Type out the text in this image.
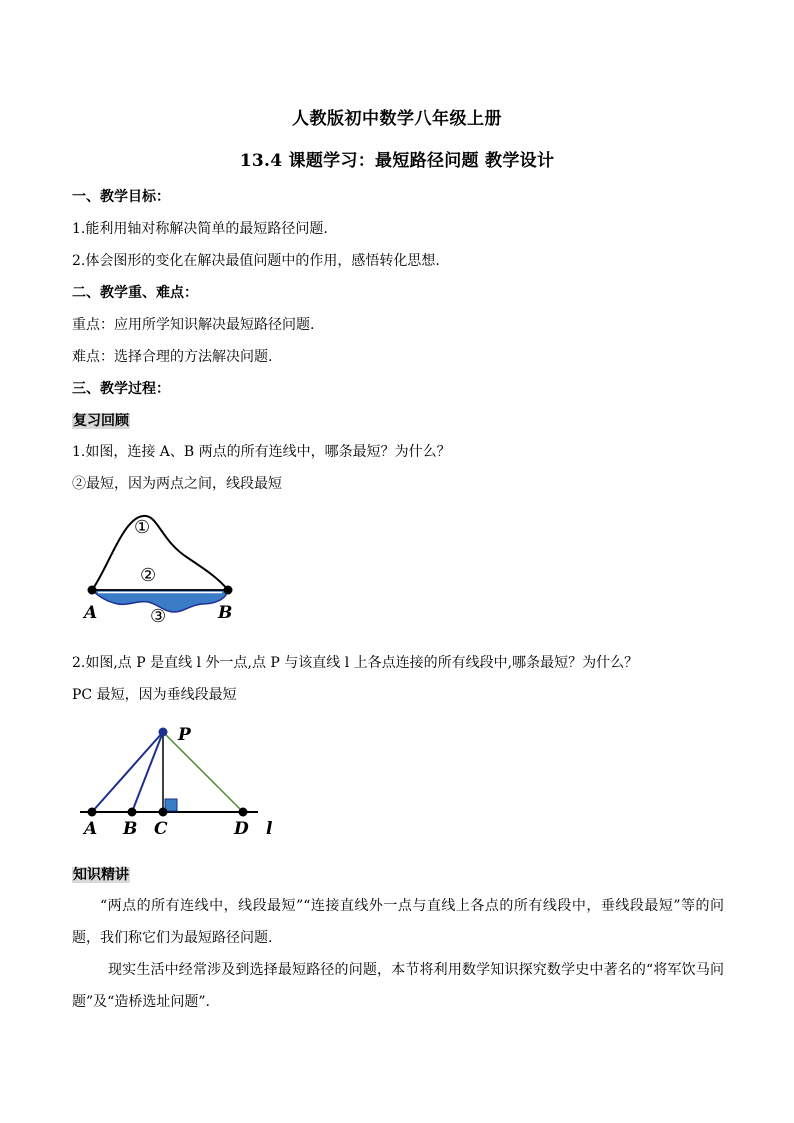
人教版初中数学八年级上册
13.4 课题学习：最短路径问题 教学设计
一、教学目标：
1.能利用轴对称解决简单的最短路径问题.
2.体会图形的变化在解决最值问题中的作用，感悟转化思想.
二、教学重、难点：
重点：应用所学知识解决最短路径问题.
难点：选择合理的方法解决问题.
三、教学过程：
复习回顾
1.如图，连接 A、B 两点的所有连线中，哪条最短？为什么？
②最短，因为两点之间，线段最短
A	B
①
②
③
2.如图,点 P 是直线 l 外一点,点 P 与该直线 l 上各点连接的所有线段中,哪条最短？为什么？
PC 最短，因为垂线段最短
P
A B C	D l
知识精讲
“两点的所有连线中，线段最短”“连接直线外一点与直线上各点的所有线段中，垂线段最短”等的问题，我们称它们为最短路径问题.
现实生活中经常涉及到选择最短路径的问题，本节将利用数学知识探究数学史中著名的“将军饮马问题”及“造桥选址问题”.
